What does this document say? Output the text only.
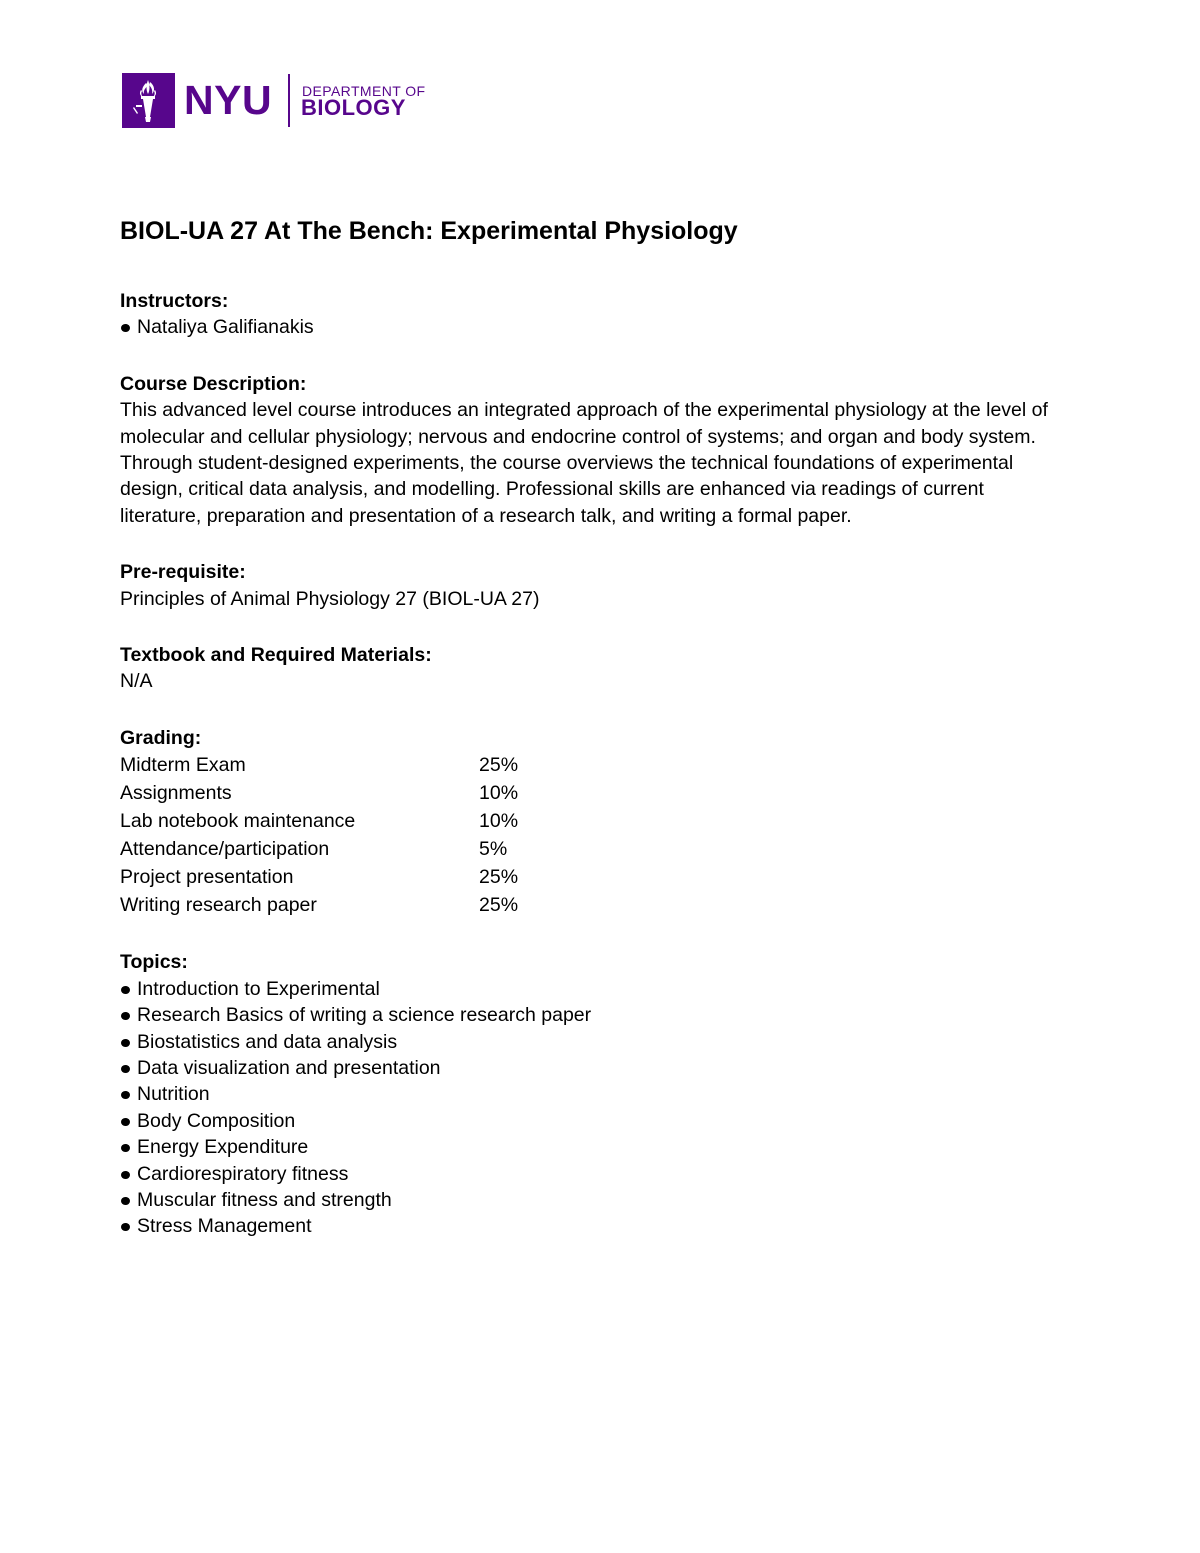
NYU DEPARTMENT OF
BIOLOGY
BIOL-UA 27 At The Bench: Experimental Physiology
Instructors:
Nataliya Galifianakis
Course Description:

This advanced level course introduces an integrated approach of the experimental physiology at the level of molecular and cellular physiology; nervous and endocrine control of systems; and organ and body system. Through student-designed experiments, the course overviews the technical foundations of experimental design, critical data analysis, and modelling. Professional skills are enhanced via readings of current literature, preparation and presentation of a research talk, and writing a formal paper.

Pre-requisite:

Principles of Animal Physiology 27 (BIOL-UA 27)

Textbook and Required Materials:

N/A

Grading:
Midterm Exam	25%
Assignments	10%
Lab notebook maintenance	10%
Attendance/participation	5%
Project presentation	25%
Writing research paper	25%
Topics:
Introduction to Experimental
Research Basics of writing a science research paper
Biostatistics and data analysis
Data visualization and presentation
Nutrition
Body Composition
Energy Expenditure
Cardiorespiratory fitness
Muscular fitness and strength
Stress Management
